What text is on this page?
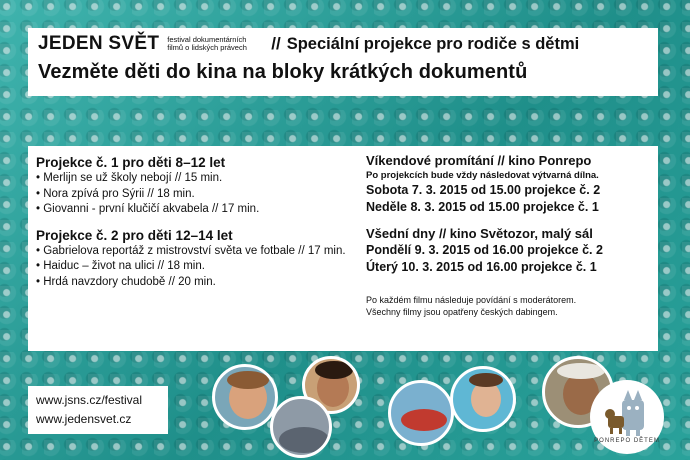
JEDEN SVĚT festival dokumentárních filmů o lidských právech	// Speciální projekce pro rodiče s dětmi
Vezměte děti do kina na bloky krátkých dokumentů
Projekce č. 1 pro děti 8–12 let
• Merlijn se už školy nebojí // 15 min.
• Nora zpívá pro Sýrii // 18 min.
• Giovanni - první klučičí akvabela // 17 min.
Projekce č. 2 pro děti 12–14 let
• Gabrielova reportáž z mistrovství světa ve fotbale // 17 min.
• Haiduc – život na ulici // 18 min.
• Hrdá navzdory chudobě // 20 min.
Víkendové promítání // kino Ponrepo
Po projekcích bude vždy následovat výtvarná dílna.
Sobota 7. 3. 2015 od 15.00 projekce č. 2
Neděle 8. 3. 2015 od 15.00 projekce č. 1
Všední dny // kino Světozor, malý sál
Pondělí 9. 3. 2015 od 16.00 projekce č. 2
Úterý 10. 3. 2015 od 16.00 projekce č. 1
Po každém filmu následuje povídání s moderátorem.
Všechny filmy jsou opatřeny českých dabingem.
www.jsns.cz/festival
www.jedensvet.cz
PONREPO DĚTEM
